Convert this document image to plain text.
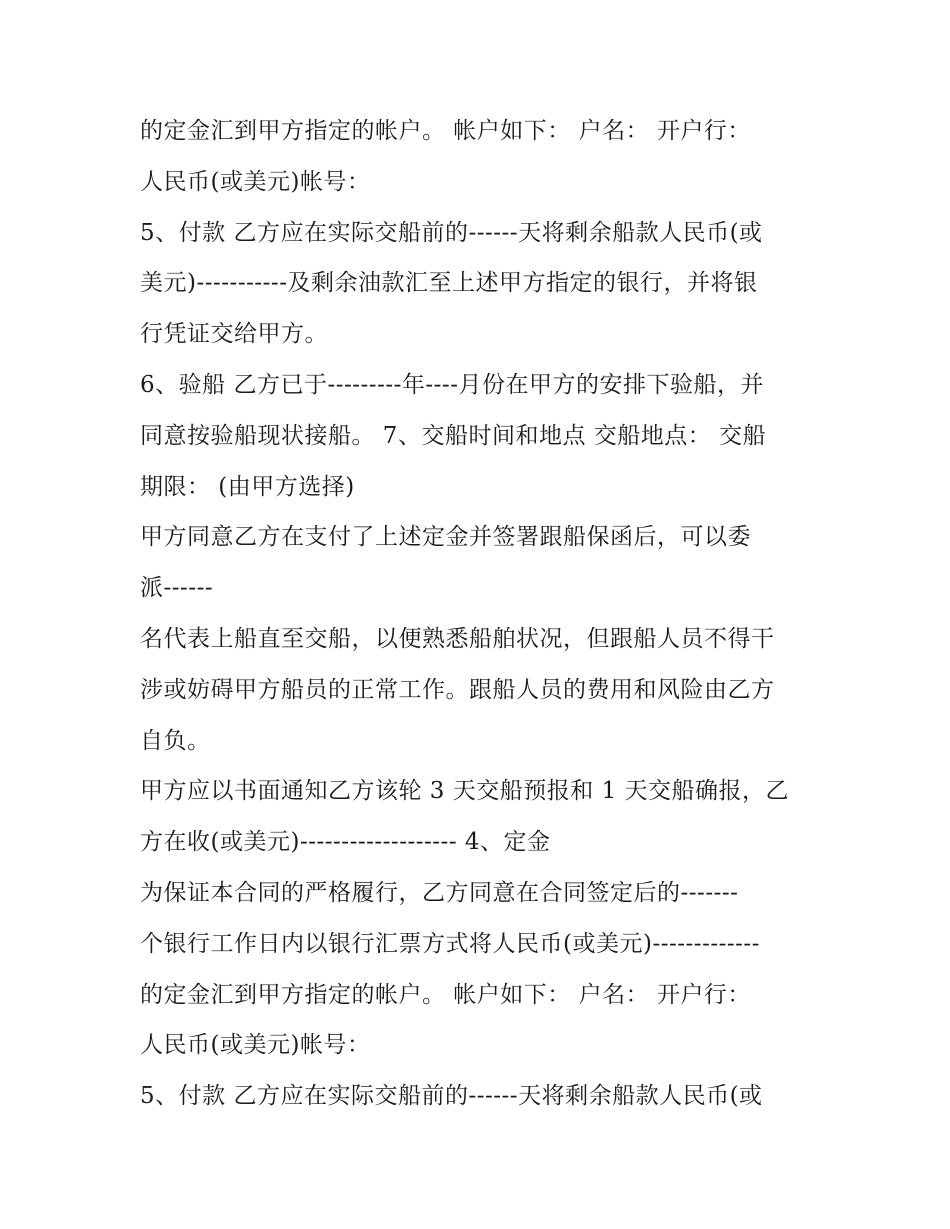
的定金汇到甲方指定的帐户。 帐户如下： 户名： 开户行：
人民币(或美元)帐号：
5、付款 乙方应在实际交船前的------天将剩余船款人民币(或
美元)-----------及剩余油款汇至上述甲方指定的银行，并将银
行凭证交给甲方。
6、验船 乙方已于---------年----月份在甲方的安排下验船，并
同意按验船现状接船。 7、交船时间和地点 交船地点： 交船
期限： (由甲方选择)
甲方同意乙方在支付了上述定金并签署跟船保函后，可以委
派------
名代表上船直至交船，以便熟悉船舶状况，但跟船人员不得干
涉或妨碍甲方船员的正常工作。跟船人员的费用和风险由乙方
自负。
甲方应以书面通知乙方该轮 3 天交船预报和 1 天交船确报，乙
方在收(或美元)------------------- 4、定金
为保证本合同的严格履行，乙方同意在合同签定后的-------
个银行工作日内以银行汇票方式将人民币(或美元)-------------
的定金汇到甲方指定的帐户。 帐户如下： 户名： 开户行：
人民币(或美元)帐号：
5、付款 乙方应在实际交船前的------天将剩余船款人民币(或
